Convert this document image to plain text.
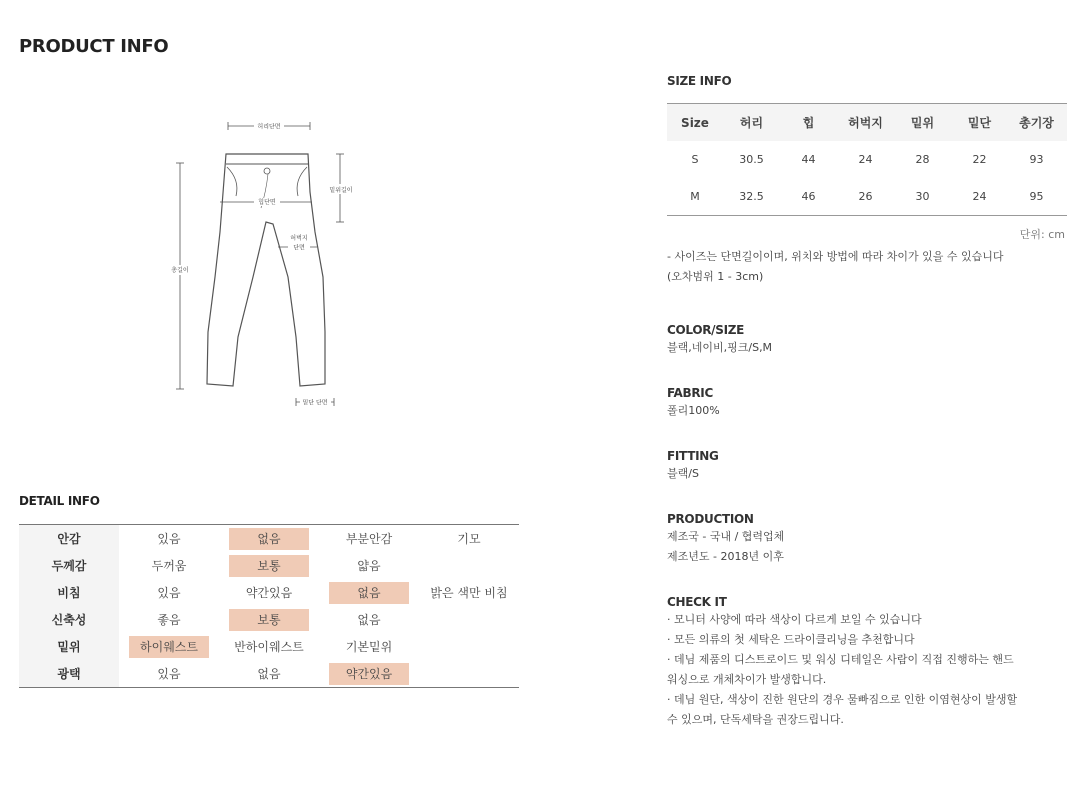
PRODUCT INFO
허리단면
힙단면
밑위길이
허벅지
단면
총길이
밑단 단면
DETAIL INFO
안감	있음	없음	부분안감	기모
두께감	두꺼움	보통	얇음
비침	있음	약간있음	없음	밝은 색만 비침
신축성	좋음	보통	없음
밑위	하이웨스트	반하이웨스트	기본밑위
광택	있음	없음	약간있음
SIZE INFO
Size	허리	힙	허벅지	밑위	밑단	총기장
S	30.5	44	24	28	22	93
M	32.5	46	26	30	24	95
단위: cm
- 사이즈는 단면길이이며, 위치와 방법에 따라 차이가 있을 수 있습니다
(오차범위 1 - 3cm)
COLOR/SIZE
블랙,네이비,핑크/S,M
FABRIC
폴리100%
FITTING
블랙/S
PRODUCTION
제조국 - 국내 / 협력업체
제조년도 - 2018년 이후
CHECK IT
· 모니터 사양에 따라 색상이 다르게 보일 수 있습니다
· 모든 의류의 첫 세탁은 드라이클리닝을 추천합니다
· 데님 제품의 디스트로이드 및 워싱 디테일은 사람이 직접 진행하는 핸드
워싱으로 개체차이가 발생합니다.
· 데님 원단, 색상이 진한 원단의 경우 물빠짐으로 인한 이염현상이 발생할
수 있으며, 단독세탁을 권장드립니다.
